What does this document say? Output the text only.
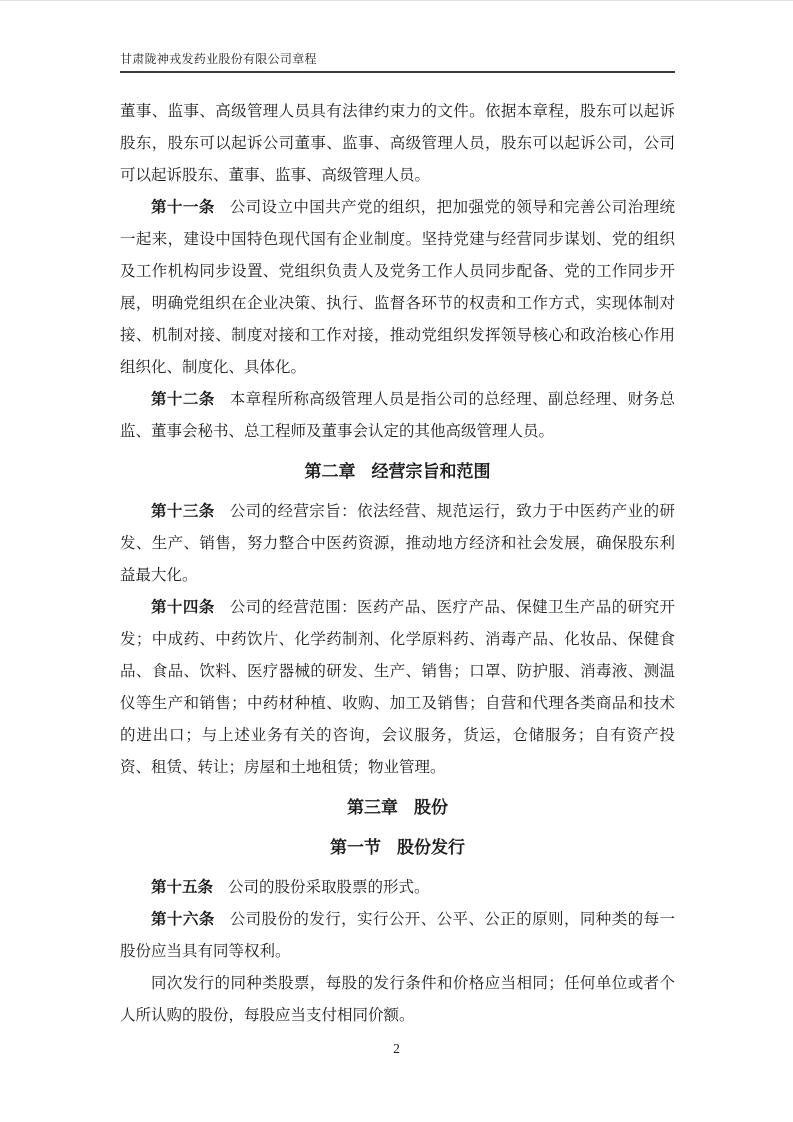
甘肃陇神戎发药业股份有限公司章程

董事、监事、高级管理人员具有法律约束力的文件。依据本章程，股东可以起诉股东，股东可以起诉公司董事、监事、高级管理人员，股东可以起诉公司，公司可以起诉股东、董事、监事、高级管理人员。

第十一条 公司设立中国共产党的组织，把加强党的领导和完善公司治理统一起来，建设中国特色现代国有企业制度。坚持党建与经营同步谋划、党的组织及工作机构同步设置、党组织负责人及党务工作人员同步配备、党的工作同步开展，明确党组织在企业决策、执行、监督各环节的权责和工作方式，实现体制对接、机制对接、制度对接和工作对接，推动党组织发挥领导核心和政治核心作用组织化、制度化、具体化。

第十二条 本章程所称高级管理人员是指公司的总经理、副总经理、财务总监、董事会秘书、总工程师及董事会认定的其他高级管理人员。

第二章 经营宗旨和范围

第十三条 公司的经营宗旨：依法经营、规范运行，致力于中医药产业的研发、生产、销售，努力整合中医药资源，推动地方经济和社会发展，确保股东利益最大化。

第十四条 公司的经营范围：医药产品、医疗产品、保健卫生产品的研究开发；中成药、中药饮片、化学药制剂、化学原料药、消毒产品、化妆品、保健食品、食品、饮料、医疗器械的研发、生产、销售；口罩、防护服、消毒液、测温仪等生产和销售；中药材种植、收购、加工及销售；自营和代理各类商品和技术的进出口；与上述业务有关的咨询，会议服务，货运，仓储服务；自有资产投资、租赁、转让；房屋和土地租赁；物业管理。

第三章 股份
第一节 股份发行

第十五条 公司的股份采取股票的形式。

第十六条 公司股份的发行，实行公开、公平、公正的原则，同种类的每一股份应当具有同等权利。

同次发行的同种类股票，每股的发行条件和价格应当相同；任何单位或者个人所认购的股份，每股应当支付相同价额。

2
